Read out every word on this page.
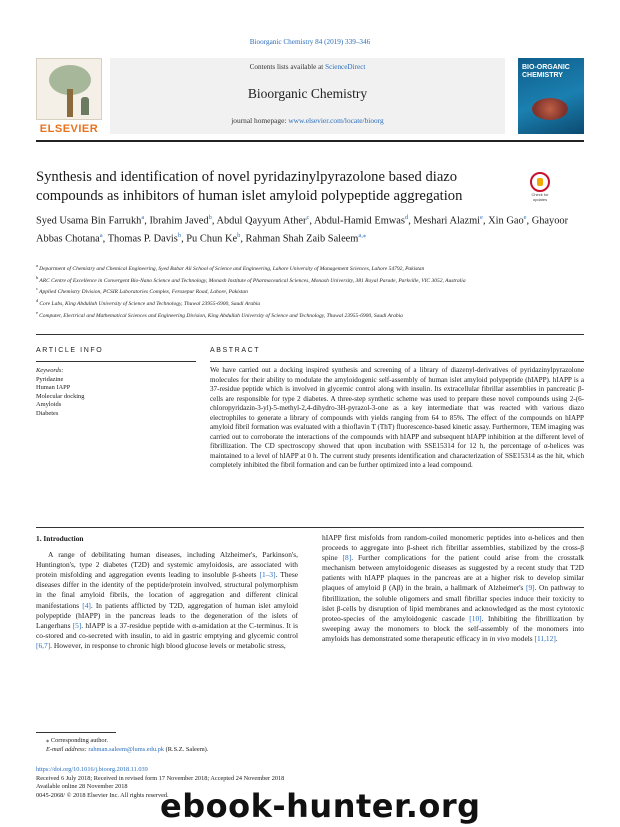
Bioorganic Chemistry 84 (2019) 339–346
ELSEVIER
Contents lists available at ScienceDirect
Bioorganic Chemistry
journal homepage: www.elsevier.com/locate/bioorg
BIO-ORGANIC
CHEMISTRY
Synthesis and identification of novel pyridazinylpyrazolone based diazo compounds as inhibitors of human islet amyloid polypeptide aggregation	Check for
updates
Syed Usama Bin Farrukh$^a$, Ibrahim Javed$^b$, Abdul Qayyum Ather$^c$, Abdul-Hamid Emwas$^d$, Meshari Alazmi$^e$, Xin Gao$^e$, Ghayoor Abbas Chotana$^a$, Thomas P. Davis$^b$, Pu Chun Ke$^b$, Rahman Shah Zaib Saleem$^{a,⁎}$
$^a$ Department of Chemistry and Chemical Engineering, Syed Babar Ali School of Science and Engineering, Lahore University of Management Sciences, Lahore 54792, Pakistan
$^b$ ARC Centre of Excellence in Convergent Bio-Nano Science and Technology, Monash Institute of Pharmaceutical Sciences, Monash University, 381 Royal Parade, Parkville, VIC 3052, Australia
$^c$ Applied Chemistry Division, PCSIR Laboratories Complex, Ferozepur Road, Lahore, Pakistan
$^d$ Core Labs, King Abdullah University of Science and Technology, Thuwal 23955-6900, Saudi Arabia
$^e$ Computer, Electrical and Mathematical Sciences and Engineering Division, King Abdullah University of Science and Technology, Thuwal 23955-6900, Saudi Arabia
ARTICLE INFO	ABSTRACT
Keywords:
Pyridazine
Human IAPP
Molecular docking
Amyloids
Diabetes
We have carried out a docking inspired synthesis and screening of a library of diazenyl-derivatives of pyridazinylpyrazolone molecules for their ability to modulate the amyloidogenic self-assembly of human islet amyloid polypeptide (hIAPP). hIAPP is a 37-residue peptide which is involved in glycemic control along with insulin. Its extracellular fibrillar assemblies in pancreatic β-cells are responsible for type 2 diabetes. A three-step synthetic scheme was used to prepare these novel compounds using 2-(6-chloropyridazin-3-yl)-5-methyl-2,4-dihydro-3H-pyrazol-3-one as a key intermediate that was reacted with various diazo electrophiles to generate a library of compounds with yields ranging from 64 to 85%. The effect of the compounds on hIAPP amyloid fibril formation was evaluated with a thioflavin T (ThT) fluorescence-based kinetic assay. Furthermore, TEM imaging was carried out to corroborate the interactions of the compounds with hIAPP and subsequent hIAPP inhibition at the different level of fibrillization. The CD spectroscopy showed that upon incubation with SSE15314 for 12 h, the percentage of α-helices was maintained to a level of hIAPP at 0 h. The current study presents identification and characterization of SSE15314 as the hit, which completely inhibited the fibril formation and can be further optimized into a lead compound.
1. Introduction

A range of debilitating human diseases, including Alzheimer's, Parkinson's, Huntington's, type 2 diabetes (T2D) and systemic amyloidosis, are associated with protein misfolding and aggregation events leading to insoluble β-sheets [1–3]. These diseases differ in the identity of the peptide/protein involved, structural polymorphism in the final amyloid fibrils, the location of aggregation and different clinical manifestations [4]. In patients afflicted by T2D, aggregation of human islet amyloid polypeptide (hIAPP) in the pancreas leads to the degeneration of the islets of Langerhans [5]. hIAPP is a 37-residue peptide with α-amidation at the C-terminus. It is co-stored and co-secreted with insulin, to aid in gastric emptying and glycemic control [6,7]. However, in response to chronic high blood glucose levels or metabolic stress,

hIAPP first misfolds from random-coiled monomeric peptides into α-helices and then proceeds to aggregate into β-sheet rich fibrillar assemblies, stabilized by the cross-β spine [8]. Further complications for the patient could arise from the crosstalk mechanism between amyloidogenic diseases as suggested by a recent study that T2D patients with hIAPP plaques in the pancreas are at a higher risk to develop similar plaques of amyloid β (Aβ) in the brain, a hallmark of Alzheimer's [9]. On pathway to fibrillization, the soluble oligomers and small fibrillar species induce their toxicity to islet β-cells by disruption of lipid membranes and acknowledged as the most cytotoxic proteo-species of the amyloidogenic cascade [10]. Inhibiting the fibrillization by sweeping away the monomers to block the self-assembly of the monomers into amyloids has demonstrated some therapeutic efficacy in in vivo models [11,12].

⁎ Corresponding author.
E-mail address: rahman.saleem@lums.edu.pk (R.S.Z. Saleem).
https://doi.org/10.1016/j.bioorg.2018.11.039
Received 6 July 2018; Received in revised form 17 November 2018; Accepted 24 November 2018
Available online 28 November 2018
0045-2068/ © 2018 Elsevier Inc. All rights reserved.
ebook-hunter.org
